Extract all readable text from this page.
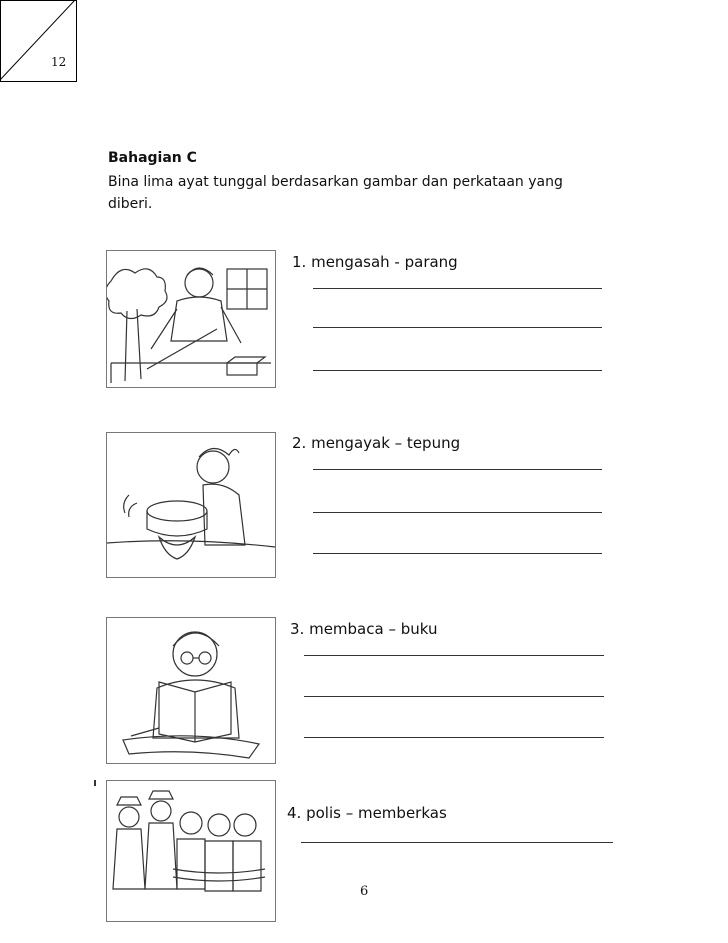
Bahagian C
Bina lima ayat tunggal berdasarkan gambar dan perkataan yang diberi.
12
1. mengasah - parang
2. mengayak – tepung
3. membaca – buku
4. polis – memberkas
6
